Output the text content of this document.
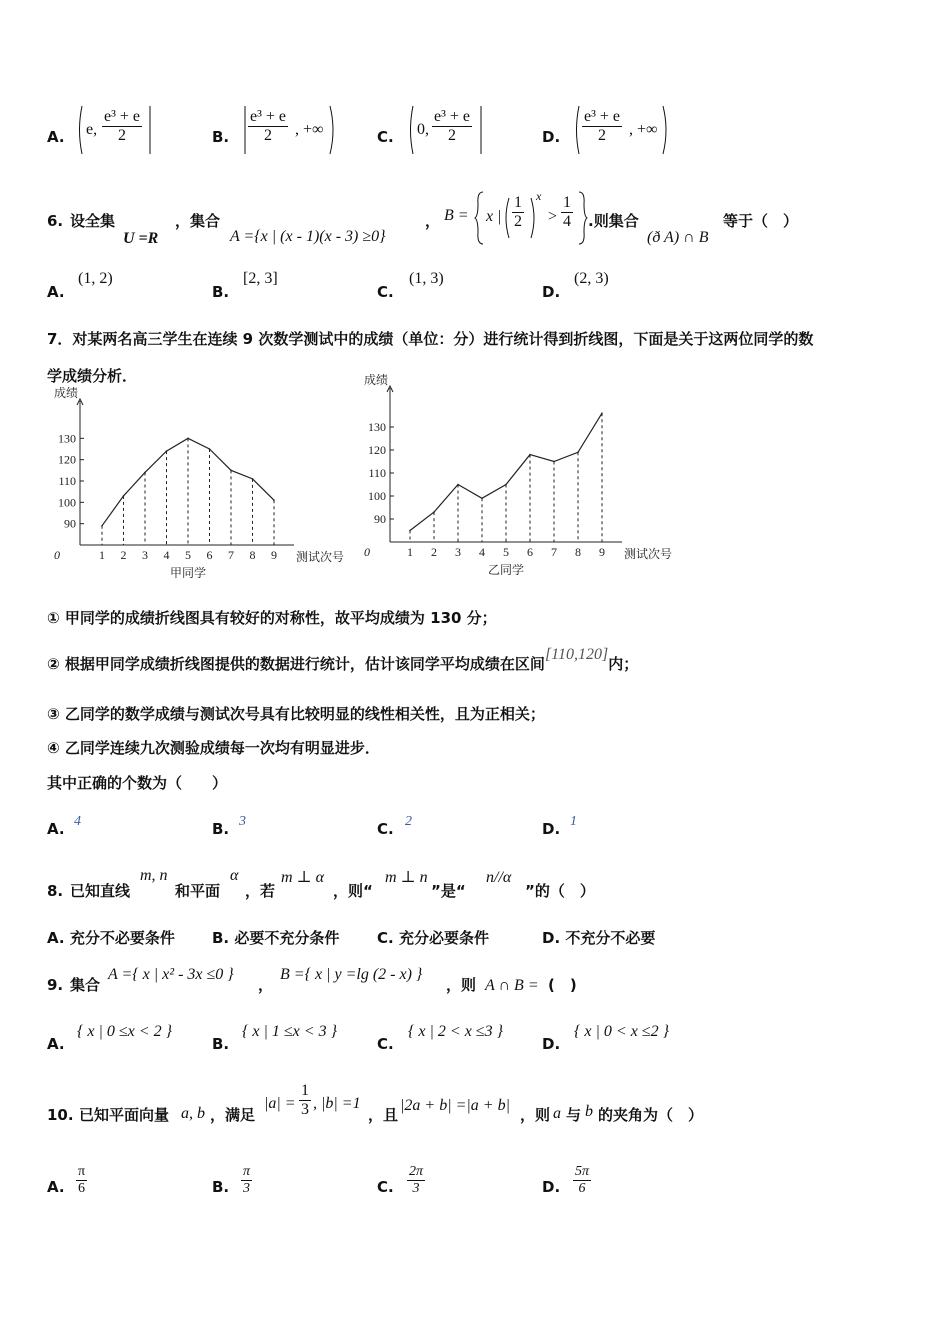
A. e, $\frac{\text{e³ + e}}{2}$	B. $\frac{\text{e³ + e}}{2}$ , +∞	C. 0, $\frac{\text{e³ + e}}{2}$	D. $\frac{\text{e³ + e}}{2}$ , +∞
6. 设全集
U =R
，集合
A ={x | (x - 1)(x - 3) ≥0}
， B = x | $\frac{1}{2}$ x
> $\frac{1}{4}$ .则集合
(ð A) ∩ B
等于（　）
A.
(1, 2)
B.
[2, 3]
C.
(1, 3)
D.
(2, 3)
7．对某两名高三学生在连续 9 次数学测试中的成绩（单位：分）进行统计得到折线图，下面是关于这两位同学的数
学成绩分析．
90
100
110
120
130
成绩
0	1 2 3 4 5 6 7 8 9 测试次号
甲同学
90
100
110
120
130
成绩
0	1 2 3 4 5 6 7 8 9 测试次号
乙同学
① 甲同学的成绩折线图具有较好的对称性，故平均成绩为 130 分；
② 根据甲同学成绩折线图提供的数据进行统计，估计该同学平均成绩在区间[110,120]内；
③ 乙同学的数学成绩与测试次号具有比较明显的线性相关性，且为正相关；
④ 乙同学连续九次测验成绩每一次均有明显进步．
其中正确的个数为（　　）
A. 4	B. 3	C. 2	D. 1
8. 已知直线
m, n
和平面
α
，若
m ⊥ α
，则“
m ⊥ n
”是“
n//α
”的（　）
A. 充分不必要条件 B. 必要不充分条件	C. 充分必要条件	D. 不充分不必要
9. 集合
A ={ x | x² - 3x ≤0 }
，
B ={ x | y =lg (2 - x) }
，则 A ∩ B = (　)
A.
{ x | 0 ≤x < 2 }
B.
{ x | 1 ≤x < 3 }
C.
{ x | 2 < x ≤3 }
D.
{ x | 0 < x ≤2 }
10. 已知平面向量 a, b ，满足
$|a| = \frac{1}{3}$ , |b| =1
，且
|2a + b| =|a + b|
，则 a 与 b 的夹角为（　）
A. $\frac{\pi}{6}$	B. $\frac{\pi}{3}$	C. $\frac{2\pi}{3}$	D. $\frac{5\pi}{6}$
